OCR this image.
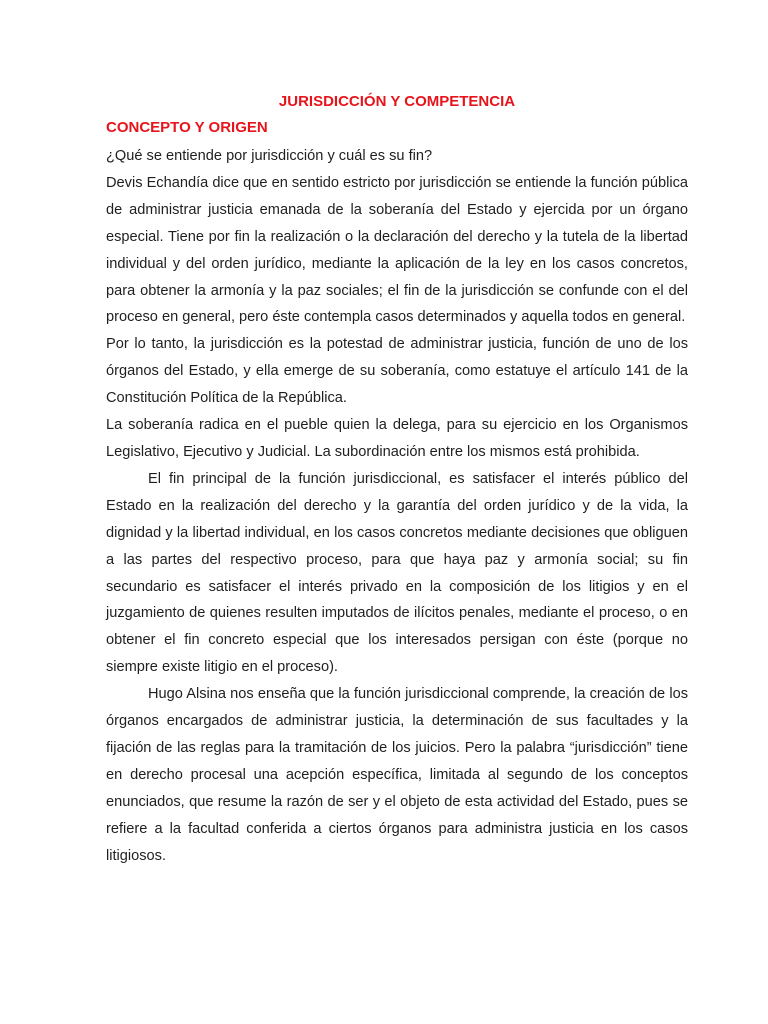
JURISDICCIÓN Y COMPETENCIA
CONCEPTO Y ORIGEN

¿Qué se entiende por jurisdicción y cuál es su fin?

Devis Echandía dice que en sentido estricto por jurisdicción se entiende la función pública de administrar justicia emanada de la soberanía del Estado y ejercida por un órgano especial. Tiene por fin la realización o la declaración del derecho y la tutela de la libertad individual y del orden jurídico, mediante la aplicación de la ley en los casos concretos, para obtener la armonía y la paz sociales; el fin de la jurisdicción se confunde con el del proceso en general, pero éste contempla casos determinados y aquella todos en general.

Por lo tanto, la jurisdicción es la potestad de administrar justicia, función de uno de los órganos del Estado, y ella emerge de su soberanía, como estatuye el artículo 141 de la Constitución Política de la República.

La soberanía radica en el pueble quien la delega, para su ejercicio en los Organismos Legislativo, Ejecutivo y Judicial. La subordinación entre los mismos está prohibida.

El fin principal de la función jurisdiccional, es satisfacer el interés público del Estado en la realización del derecho y la garantía del orden jurídico y de la vida, la dignidad y la libertad individual, en los casos concretos mediante decisiones que obliguen a las partes del respectivo proceso, para que haya paz y armonía social; su fin secundario es satisfacer el interés privado en la composición de los litigios y en el juzgamiento de quienes resulten imputados de ilícitos penales, mediante el proceso, o en obtener el fin concreto especial que los interesados persigan con éste (porque no siempre existe litigio en el proceso).

Hugo Alsina nos enseña que la función jurisdiccional comprende, la creación de los órganos encargados de administrar justicia, la determinación de sus facultades y la fijación de las reglas para la tramitación de los juicios. Pero la palabra “jurisdicción” tiene en derecho procesal una acepción específica, limitada al segundo de los conceptos enunciados, que resume la razón de ser y el objeto de esta actividad del Estado, pues se refiere a la facultad conferida a ciertos órganos para administra justicia en los casos litigiosos.
